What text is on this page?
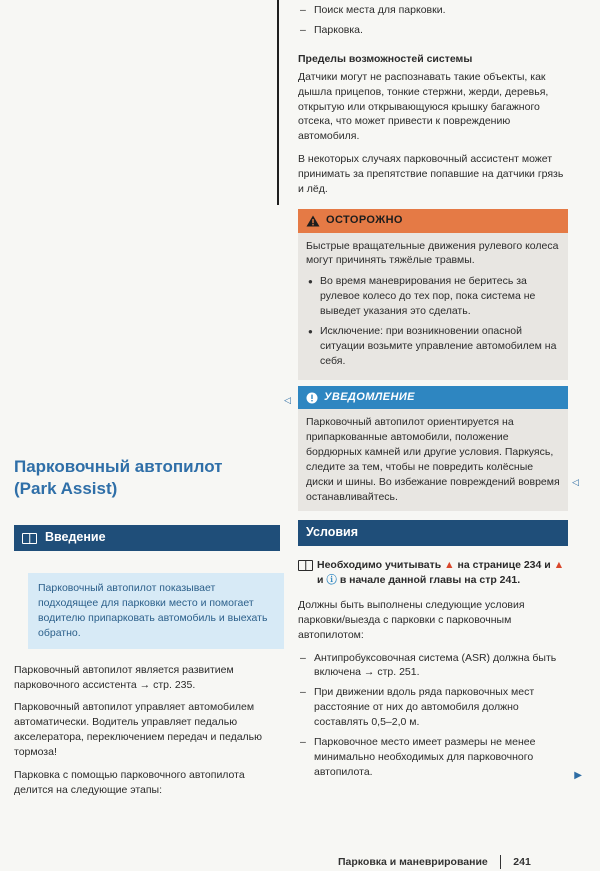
– Поиск места для парковки.
– Парковка.
Пределы возможностей системы

Датчики могут не распознавать такие объекты, как дышла прицепов, тонкие стержни, жерди, деревья, открытую или открывающуюся крышку багажного отсека, что может привести к повреждению автомобиля.

В некоторых случаях парковочный ассистент может принимать за препятствие попавшие на датчики грязь и лёд.

ОСТОРОЖНО

Быстрые вращательные движения рулевого колеса могут причинять тяжёлые травмы.

● Во время маневрирования не беритесь за рулевое колесо до тех пор, пока система не выведет указания это сделать.
● Исключение: при возникновении опасной ситуации возьмите управление автомобилем на себя.
УВЕДОМЛЕНИЕ

Парковочный автопилот ориентируется на припаркованные автомобили, положение бордюрных камней или другие условия. Паркуясь, следите за тем, чтобы не повредить колёсные диски и шины. Во избежание повреждений вовремя останавливайтесь.

◁
◁
Парковочный автопилот
(Park Assist)
Введение
Парковочный автопилот показывает подходящее для парковки место и помогает водителю припарковать автомобиль и выехать обратно.

Парковочный автопилот является развитием парковочного ассистента → стр. 235.

Парковочный автопилот управляет автомобилем автоматически. Водитель управляет педалью акселератора, переключением передач и педалью тормоза!

Парковка с помощью парковочного автопилота делится на следующие этапы:

Условия
Необходимо учитывать ▲ на странице 234 и ▲ и ⓘ в начале данной главы на стр 241.

Должны быть выполнены следующие условия парковки/выезда с парковки с парковочным автопилотом:

– Антипробуксовочная система (ASR) должна быть включена → стр. 251.
– При движении вдоль ряда парковочных мест расстояние от них до автомобиля должно составлять 0,5–2,0 м.
– Парковочное место имеет размеры не менее минимально необходимых для парковочного автопилота.	▶
Парковка и маневрирование 241
